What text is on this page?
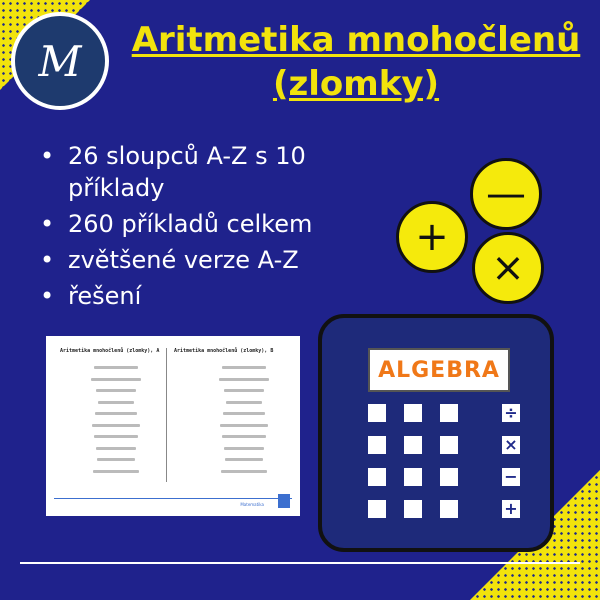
M	Aritmetika mnohočlenů
(zlomky)
• 26 sloupců A-Z s 10 příklady
• 260 příkladů celkem
• zvětšené verze A-Z
• řešení
+
—
×
Aritmetika mnohočlenů (zlomky), A	Aritmetika mnohočlenů (zlomky), B
Matematika
ALGEBRA
÷
×
−
+
